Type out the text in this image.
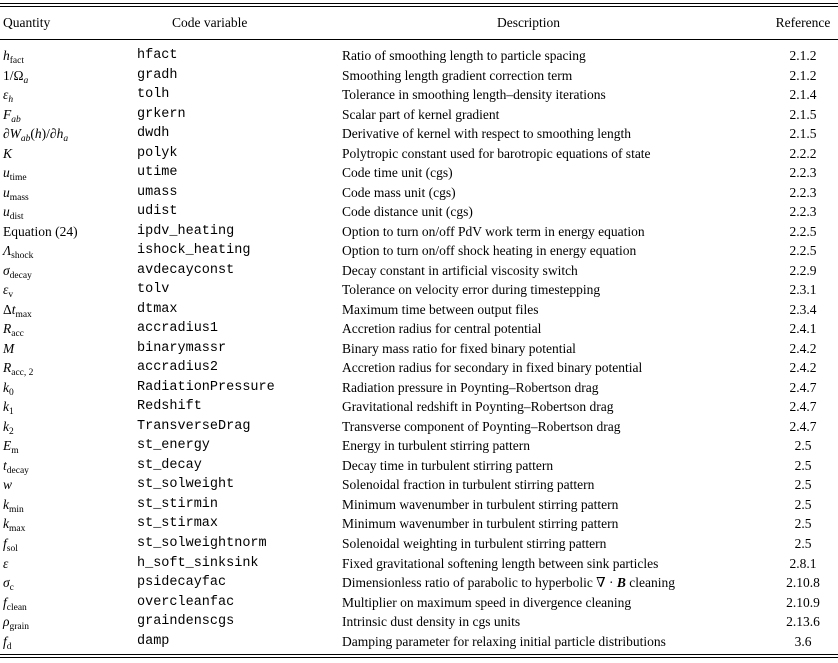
Quantity	Code variable	Description	Reference
$h_{fact}$	hfact	Ratio of smoothing length to particle spacing	2.1.2
$1/\Omega_a$	gradh	Smoothing length gradient correction term	2.1.2
$\varepsilon_h$	tolh	Tolerance in smoothing length–density iterations	2.1.4
$F_{ab}$	grkern	Scalar part of kernel gradient	2.1.5
$\partial W_{ab}(h)/\partial h_a$	dwdh	Derivative of kernel with respect to smoothing length	2.1.5
K	polyk	Polytropic constant used for barotropic equations of state	2.2.2
$u_{time}$	utime	Code time unit (cgs)	2.2.3
$u_{mass}$	umass	Code mass unit (cgs)	2.2.3
$u_{dist}$	udist	Code distance unit (cgs)	2.2.3
Equation (24)	ipdv_heating	Option to turn on/off PdV work term in energy equation	2.2.5
$\Lambda_{shock}$	ishock_heating	Option to turn on/off shock heating in energy equation	2.2.5
$\sigma_{decay}$	avdecayconst	Decay constant in artificial viscosity switch	2.2.9
$\varepsilon_v$	tolv	Tolerance on velocity error during timestepping	2.3.1
$\Delta t_{max}$	dtmax	Maximum time between output files	2.3.4
$R_{acc}$	accradius1	Accretion radius for central potential	2.4.1
M	binarymassr	Binary mass ratio for fixed binary potential	2.4.2
$R_{acc, 2}$	accradius2	Accretion radius for secondary in fixed binary potential	2.4.2
$k_0$	RadiationPressure	Radiation pressure in Poynting–Robertson drag	2.4.7
$k_1$	Redshift	Gravitational redshift in Poynting–Robertson drag	2.4.7
$k_2$	TransverseDrag	Transverse component of Poynting–Robertson drag	2.4.7
$E_m$	st_energy	Energy in turbulent stirring pattern	2.5
$t_{decay}$	st_decay	Decay time in turbulent stirring pattern	2.5
w	st_solweight	Solenoidal fraction in turbulent stirring pattern	2.5
$k_{min}$	st_stirmin	Minimum wavenumber in turbulent stirring pattern	2.5
$k_{max}$	st_stirmax	Minimum wavenumber in turbulent stirring pattern	2.5
$f_{sol}$	st_solweightnorm	Solenoidal weighting in turbulent stirring pattern	2.5
ε	h_soft_sinksink	Fixed gravitational softening length between sink particles	2.8.1
$\sigma_c$	psidecayfac	Dimensionless ratio of parabolic to hyperbolic ∇ · B cleaning	2.10.8
$f_{clean}$	overcleanfac	Multiplier on maximum speed in divergence cleaning	2.10.9
$\rho_{grain}$	graindenscgs	Intrinsic dust density in cgs units	2.13.6
$f_d$	damp	Damping parameter for relaxing initial particle distributions	3.6
